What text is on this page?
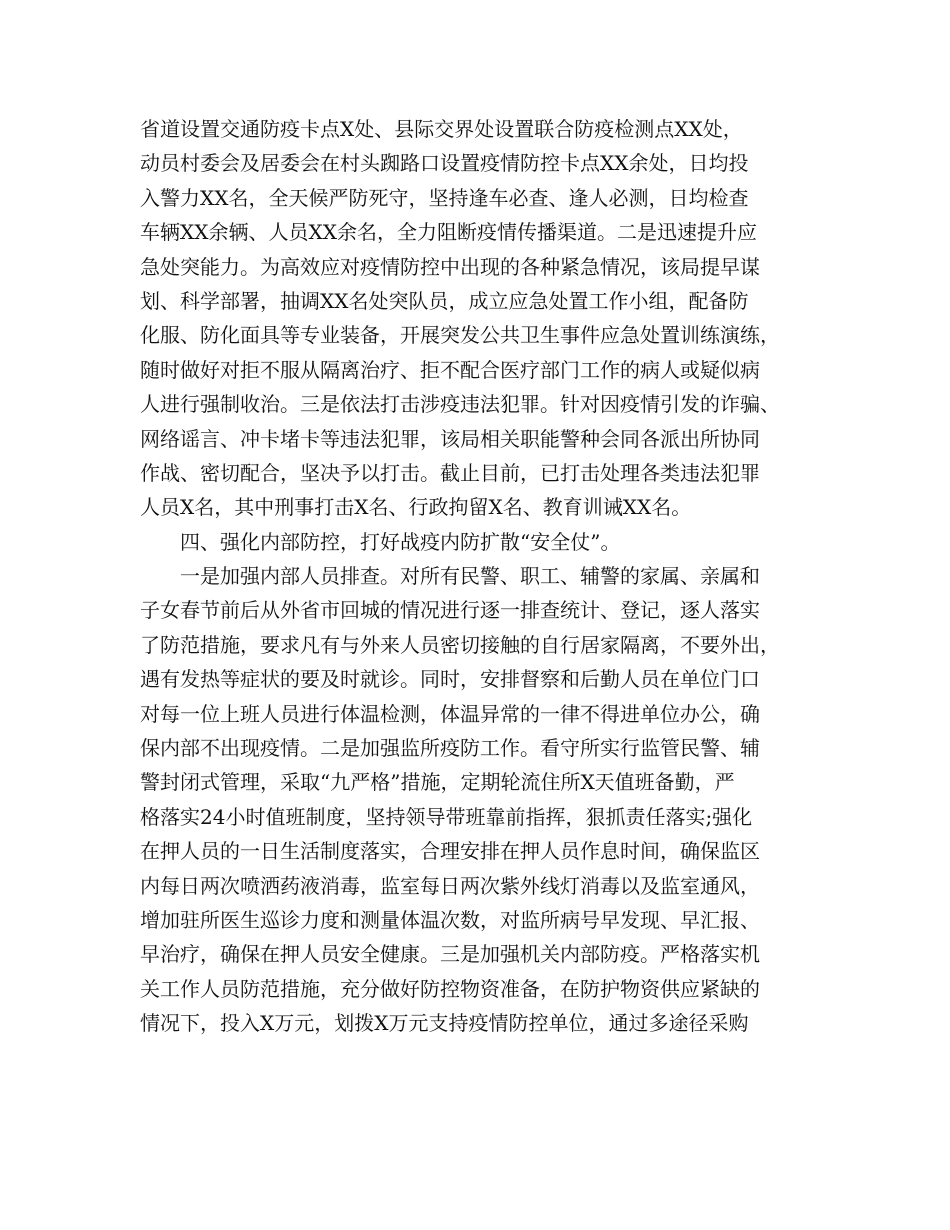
省道设置交通防疫卡点X处、县际交界处设置联合防疫检测点XX处，
动员村委会及居委会在村头踟路口设置疫情防控卡点XX余处，日均投
入警力XX名，全天候严防死守，坚持逢车必查、逢人必测，日均检查
车辆XX余辆、人员XX余名，全力阻断疫情传播渠道。二是迅速提升应
急处突能力。为高效应对疫情防控中出现的各种紧急情况，该局提早谋
划、科学部署，抽调XX名处突队员，成立应急处置工作小组，配备防
化服、防化面具等专业装备，开展突发公共卫生事件应急处置训练演练，
随时做好对拒不服从隔离治疗、拒不配合医疗部门工作的病人或疑似病
人进行强制收治。三是依法打击涉疫违法犯罪。针对因疫情引发的诈骗、
网络谣言、冲卡堵卡等违法犯罪，该局相关职能警种会同各派出所协同
作战、密切配合，坚决予以打击。截止目前，已打击处理各类违法犯罪
人员X名，其中刑事打击X名、行政拘留X名、教育训诫XX名。
四、强化内部防控，打好战疫内防扩散“安全仗”。
一是加强内部人员排查。对所有民警、职工、辅警的家属、亲属和
子女春节前后从外省市回城的情况进行逐一排查统计、登记，逐人落实
了防范措施，要求凡有与外来人员密切接触的自行居家隔离，不要外出，
遇有发热等症状的要及时就诊。同时，安排督察和后勤人员在单位门口
对每一位上班人员进行体温检测，体温异常的一律不得进单位办公，确
保内部不出现疫情。二是加强监所疫防工作。看守所实行监管民警、辅
警封闭式管理，采取“九严格”措施，定期轮流住所X天值班备勤，严
格落实24小时值班制度，坚持领导带班靠前指挥，狠抓责任落实;强化
在押人员的一日生活制度落实，合理安排在押人员作息时间，确保监区
内每日两次喷洒药液消毒，监室每日两次紫外线灯消毒以及监室通风，
增加驻所医生巡诊力度和测量体温次数，对监所病号早发现、早汇报、
早治疗，确保在押人员安全健康。三是加强机关内部防疫。严格落实机
关工作人员防范措施，充分做好防控物资准备，在防护物资供应紧缺的
情况下，投入X万元，划拨X万元支持疫情防控单位，通过多途径采购
